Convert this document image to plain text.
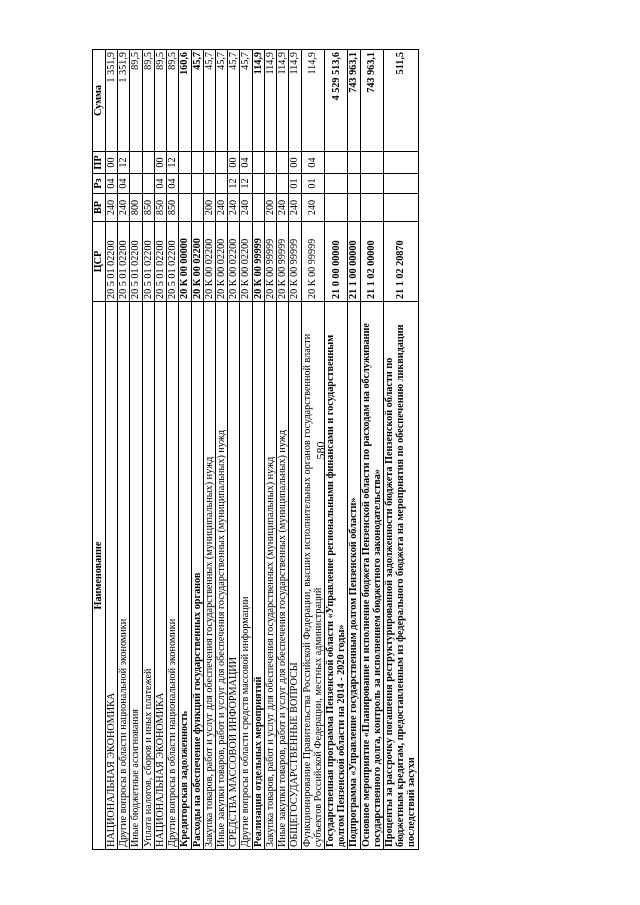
580
Наименование	ЦСР	ВР	Рз	ПР	Сумма
НАЦИОНАЛЬНАЯ ЭКОНОМИКА	20 5 01 02200	240	04	00	1 351,9
Другие вопросы в области национальной экономики	20 5 01 02200	240	04	12	1 351,9
Иные бюджетные ассигнования	20 5 01 02200	800			89,5
Уплата налогов, сборов и иных платежей	20 5 01 02200	850			89,5
НАЦИОНАЛЬНАЯ ЭКОНОМИКА	20 5 01 02200	850	04	00	89,5
Другие вопросы в области национальной экономики	20 5 01 02200	850	04	12	89,5
Кредиторская задолженность	20 К 00 00000				160,6
Расходы на обеспечение функций государственных органов	20 К 00 02200				45,7
Закупка товаров, работ и услуг для обеспечения государственных (муниципальных) нужд	20 К 00 02200	200			45,7
Иные закупки товаров, работ и услуг для обеспечения государственных (муниципальных) нужд	20 К 00 02200	240			45,7
СРЕДСТВА МАССОВОЙ ИНФОРМАЦИИ	20 К 00 02200	240	12	00	45,7
Другие вопросы в области средств массовой информации	20 К 00 02200	240	12	04	45,7
Реализация отдельных мероприятий	20 К 00 99999				114,9
Закупка товаров, работ и услуг для обеспечения государственных (муниципальных) нужд	20 К 00 99999	200			114,9
Иные закупки товаров, работ и услуг для обеспечения государственных (муниципальных) нужд	20 К 00 99999	240			114,9
ОБЩЕГОСУДАРСТВЕННЫЕ ВОПРОСЫ	20 К 00 99999	240	01	00	114,9
Функционирование Правительства Российской Федерации, высших исполнительных органов государственной власти субъектов Российской Федерации, местных администраций	20 К 00 99999	240	01	04	114,9
Государственная программа Пензенской области «Управление региональными финансами и государственным долгом Пензенской области на 2014 - 2020 годы»	21 0 00 00000				4 529 513,6
Подпрограмма «Управление государственным долгом Пензенской области»	21 1 00 00000				743 963,1
Основное мероприятие «Планирование и исполнение бюджета Пензенской области по расходам на обслуживание государственного долга, контроль за исполнением бюджетного законодательства»	21 1 02 00000				743 963,1
Проценты за рассрочку погашения реструктурированной задолженности бюджета Пензенской области по бюджетным кредитам, предоставленным из федерального бюджета на мероприятия по обеспечению ликвидации последствий засухи	21 1 02 20870				511,5
